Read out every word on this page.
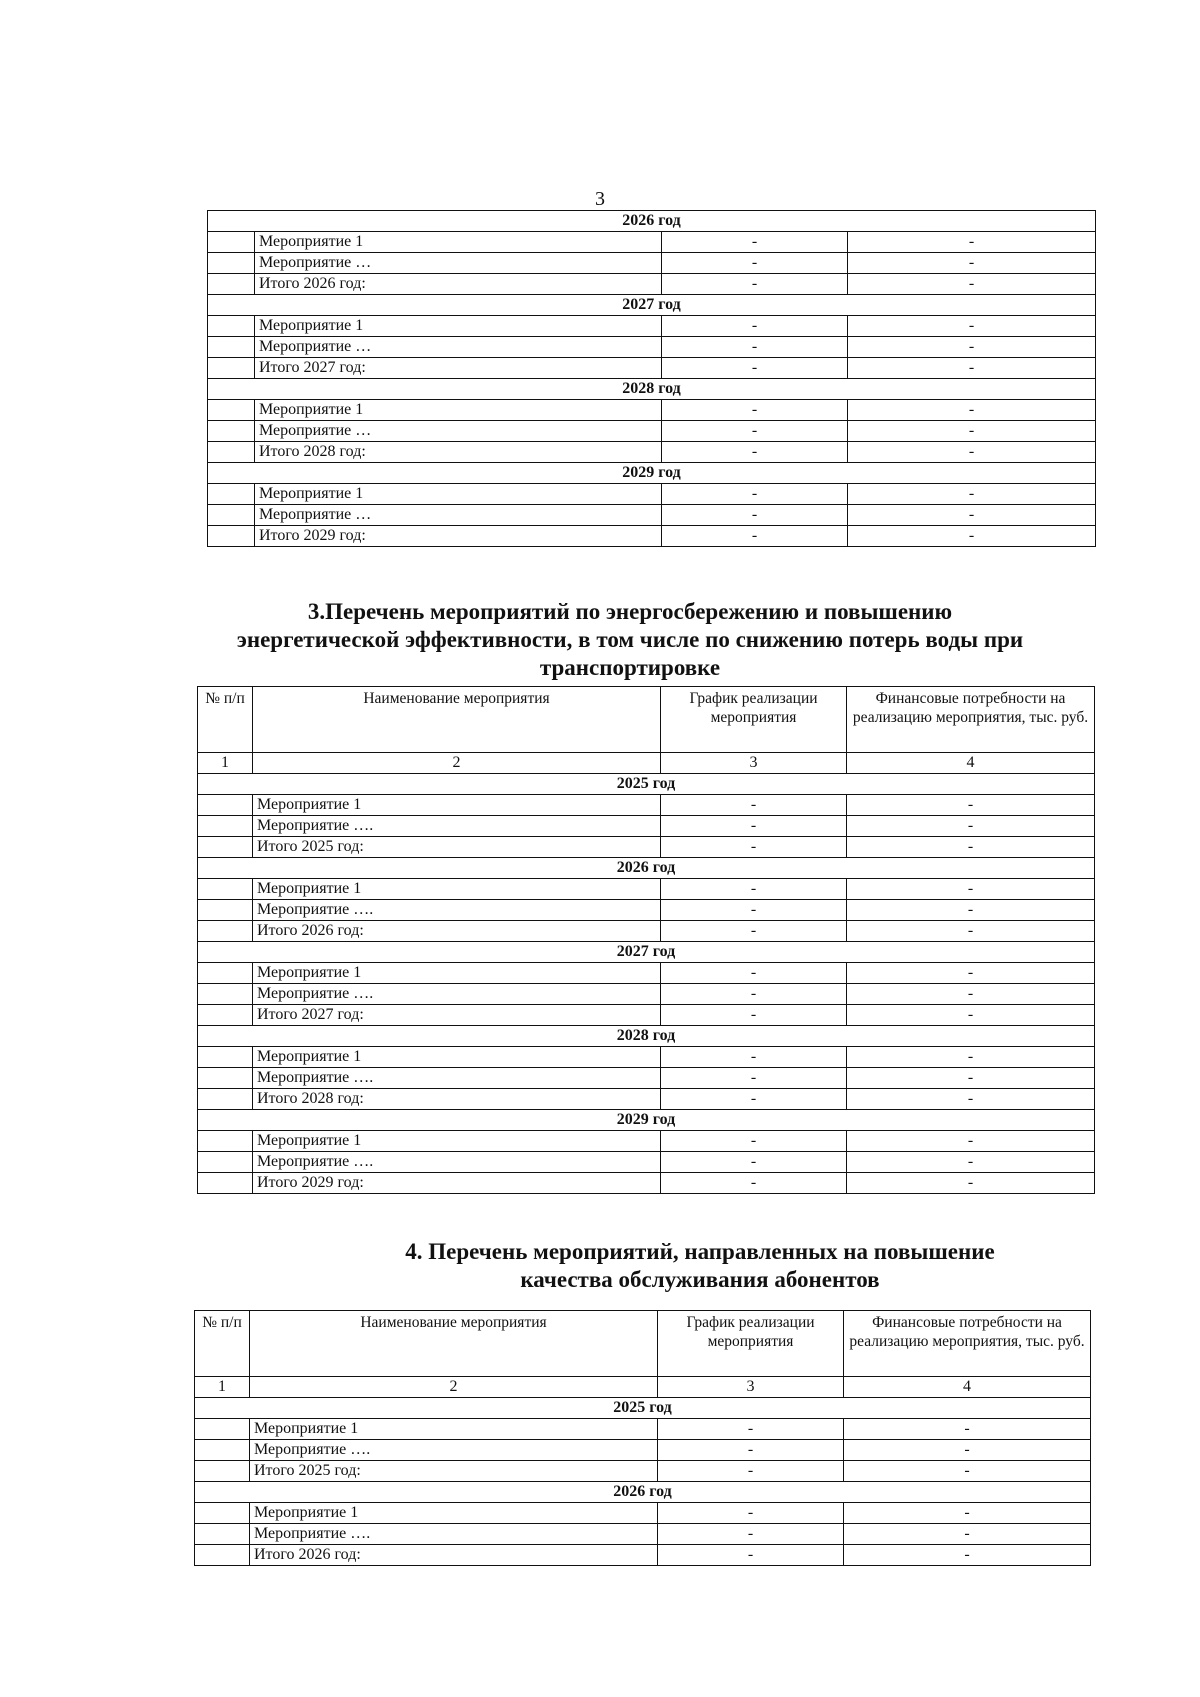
3
2026 год			
	Мероприятие 1	-	-
	Мероприятие …	-	-
	Итого 2026 год:	-	-
2027 год			
	Мероприятие 1	-	-
	Мероприятие …	-	-
	Итого 2027 год:	-	-
2028 год			
	Мероприятие 1	-	-
	Мероприятие …	-	-
	Итого 2028 год:	-	-
2029 год			
	Мероприятие 1	-	-
	Мероприятие …	-	-
	Итого 2029 год:	-	-
3.Перечень мероприятий по энергосбережению и повышению
энергетической эффективности, в том числе по снижению потерь воды при
транспортировке
№ п/п	Наименование мероприятия	График реализации мероприятия	Финансовые потребности на реализацию мероприятия, тыс. руб.
1	2	3	4
2025 год			
	Мероприятие 1	-	-
	Мероприятие ….	-	-
	Итого 2025 год:	-	-
2026 год			
	Мероприятие 1	-	-
	Мероприятие ….	-	-
	Итого 2026 год:	-	-
2027 год			
	Мероприятие 1	-	-
	Мероприятие ….	-	-
	Итого 2027 год:	-	-
2028 год			
	Мероприятие 1	-	-
	Мероприятие ….	-	-
	Итого 2028 год:	-	-
2029 год			
	Мероприятие 1	-	-
	Мероприятие ….	-	-
	Итого 2029 год:	-	-
4. Перечень мероприятий, направленных на повышение
качества обслуживания абонентов
№ п/п	Наименование мероприятия	График реализации мероприятия	Финансовые потребности на реализацию мероприятия, тыс. руб.
1	2	3	4
2025 год			
	Мероприятие 1	-	-
	Мероприятие ….	-	-
	Итого 2025 год:	-	-
2026 год			
	Мероприятие 1	-	-
	Мероприятие ….	-	-
	Итого 2026 год:	-	-
